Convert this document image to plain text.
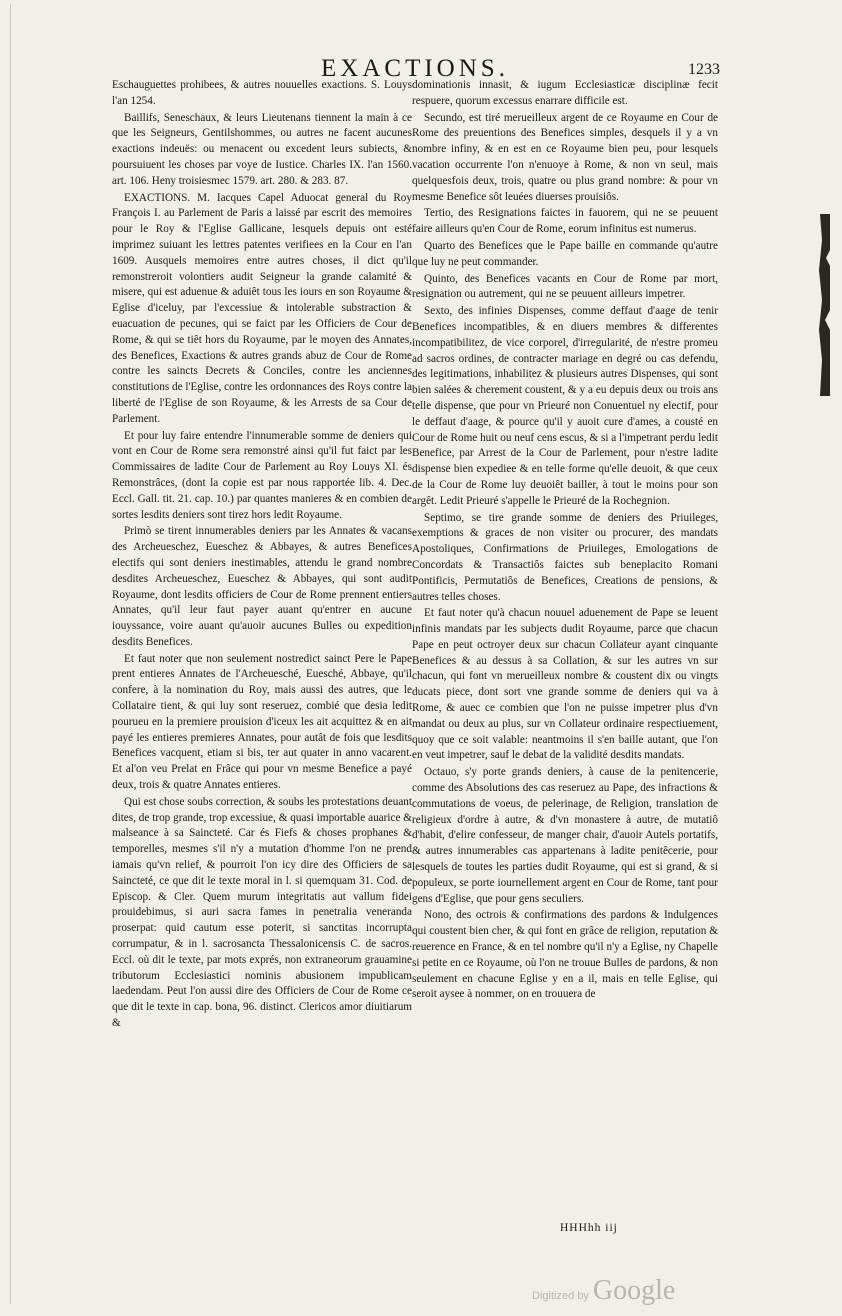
EXACTIONS.	1233

Eschauguettes prohibees, & autres nouuelles exactions. S. Louys l'an 1254.

Baillifs, Seneschaux, & leurs Lieutenans tiennent la main à ce que les Seigneurs, Gentilshommes, ou autres ne facent aucunes exactions indeuës: ou menacent ou excedent leurs subiects, & poursuiuent les choses par voye de Iustice. Charles IX. l'an 1560. art. 106. Heny troisiesmec 1579. art. 280. & 283. 87.

EXACTIONS. M. Iacques Capel Aduocat general du Roy François I. au Parlement de Paris a laissé par escrit des memoires pour le Roy & l'Eglise Gallicane, lesquels depuis ont esté imprimez suiuant les lettres patentes verifiees en la Cour en l'an 1609. Ausquels memoires entre autres choses, il dict qu'il remonstreroit volontiers audit Seigneur la grande calamité & misere, qui est aduenue & aduiêt tous les iours en son Royaume & Eglise d'iceluy, par l'excessiue & intolerable substraction & euacuation de pecunes, qui se faict par les Officiers de Cour de Rome, & qui se tiêt hors du Royaume, par le moyen des Annates, des Benefices, Exactions & autres grands abuz de Cour de Rome contre les saincts Decrets & Conciles, contre les anciennes constitutions de l'Eglise, contre les ordonnances des Roys contre la liberté de l'Eglise de son Royaume, & les Arrests de sa Cour de Parlement.

Et pour luy faire entendre l'innumerable somme de deniers qui vont en Cour de Rome sera remonstré ainsi qu'il fut faict par les Commissaires de ladite Cour de Parlement au Roy Louys XI. és Remonstrâces, (dont la copie est par nous rapportée lib. 4. Dec. Eccl. Gall. tit. 21. cap. 10.) par quantes manieres & en combien de sortes lesdits deniers sont tirez hors ledit Royaume.

Primò se tirent innumerables deniers par les Annates & vacans des Archeueschez, Eueschez & Abbayes, & autres Benefices electifs qui sont deniers inestimables, attendu le grand nombre desdites Archeueschez, Eueschez & Abbayes, qui sont audit Royaume, dont lesdits officiers de Cour de Rome prennent entiers Annates, qu'il leur faut payer auant qu'entrer en aucune iouyssance, voire auant qu'auoir aucunes Bulles ou expedition desdits Benefices.

Et faut noter que non seulement nostredict sainct Pere le Pape prent entieres Annates de l'Archeuesché, Euesché, Abbaye, qu'il confere, à la nomination du Roy, mais aussi des autres, que le Collataire tient, & qui luy sont reseruez, combié que desia ledit pourueu en la premiere prouision d'iceux les ait acquittez & en ait payé les entieres premieres Annates, pour autât de fois que lesdits Benefices vacquent, etiam si bis, ter aut quater in anno vacarent. Et al'on veu Prelat en Frâce qui pour vn mesme Benefice a payé deux, trois & quatre Annates entieres.

Qui est chose soubs correction, & soubs les protestations deuant dites, de trop grande, trop excessiue, & quasi importable auarice & malseance à sa Saincteté. Car és Fiefs & choses prophanes & temporelles, mesmes s'il n'y a mutation d'homme l'on ne prend iamais qu'vn relief, & pourroit l'on icy dire des Officiers de sa Saincteté, ce que dit le texte moral in l. si quemquam 31. Cod. de Episcop. & Cler. Quem murum integritatis aut vallum fidei prouidebimus, si auri sacra fames in penetralia veneranda proserpat: quid cautum esse poterit, si sanctitas incorrupta corrumpatur, & in l. sacrosancta Thessalonicensis C. de sacros. Eccl. où dit le texte, par mots exprés, non extraneorum grauamine tributorum Ecclesiastici nominis abusionem impublicam laedendam. Peut l'on aussi dire des Officiers de Cour de Rome ce que dit le texte in cap. bona, 96. distinct. Clericos amor diuitiarum &

dominationis innasit, & iugum Ecclesiasticæ disciplinæ fecit respuere, quorum excessus enarrare difficile est.

Secundo, est tiré merueilleux argent de ce Royaume en Cour de Rome des preuentions des Benefices simples, desquels il y a vn nombre infiny, & en est en ce Royaume bien peu, pour lesquels vacation occurrente l'on n'enuoye à Rome, & non vn seul, mais quelquesfois deux, trois, quatre ou plus grand nombre: & pour vn mesme Benefice sôt leuées diuerses prouisiôs.

Tertio, des Resignations faictes in fauorem, qui ne se peuuent faire ailleurs qu'en Cour de Rome, eorum infinitus est numerus.

Quarto des Benefices que le Pape baille en commande qu'autre que luy ne peut commander.

Quinto, des Benefices vacants en Cour de Rome par mort, resignation ou autrement, qui ne se peuuent ailleurs impetrer.

Sexto, des infinies Dispenses, comme deffaut d'aage de tenir Benefices incompatibles, & en diuers membres & differentes incompatibilitez, de vice corporel, d'irregularité, de n'estre promeu ad sacros ordines, de contracter mariage en degré ou cas defendu, des legitimations, inhabilitez & plusieurs autres Dispenses, qui sont bien salées & cherement coustent, & y a eu depuis deux ou trois ans telle dispense, que pour vn Prieuré non Conuentuel ny electif, pour le deffaut d'aage, & pource qu'il y auoit cure d'ames, a cousté en Cour de Rome huit ou neuf cens escus, & si a l'impetrant perdu ledit Benefice, par Arrest de la Cour de Parlement, pour n'estre ladite dispense bien expediee & en telle forme qu'elle deuoit, & que ceux de la Cour de Rome luy deuoiêt bailler, à tout le moins pour son argêt. Ledit Prieuré s'appelle le Prieuré de la Rochegnion.

Septimo, se tire grande somme de deniers des Priuileges, exemptions & graces de non visiter ou procurer, des mandats Apostoliques, Confirmations de Priuileges, Emologations de Concordats & Transactiôs faictes sub beneplacito Romani Pontificis, Permutatiôs de Benefices, Creations de pensions, & autres telles choses.

Et faut noter qu'à chacun nouuel aduenement de Pape se leuent infinis mandats par les subjects dudit Royaume, parce que chacun Pape en peut octroyer deux sur chacun Collateur ayant cinquante Benefices & au dessus à sa Collation, & sur les autres vn sur chacun, qui font vn merueilleux nombre & coustent dix ou vingts ducats piece, dont sort vne grande somme de deniers qui va à Rome, & auec ce combien que l'on ne puisse impetrer plus d'vn mandat ou deux au plus, sur vn Collateur ordinaire respectiuement, quoy que ce soit valable: neantmoins il s'en baille autant, que l'on en veut impetrer, sauf le debat de la validité desdits mandats.

Octauo, s'y porte grands deniers, à cause de la penitencerie, comme des Absolutions des cas reseruez au Pape, des infractions & commutations de voeus, de pelerinage, de Religion, translation de religieux d'ordre à autre, & d'vn monastere à autre, de mutatiô d'habit, d'elire confesseur, de manger chair, d'auoir Autels portatifs, & autres innumerables cas appartenans à ladite penitêcerie, pour lesquels de toutes les parties dudit Royaume, qui est si grand, & si populeux, se porte iournellement argent en Cour de Rome, tant pour gens d'Eglise, que pour gens seculiers.

Nono, des octrois & confirmations des pardons & Indulgences qui coustent bien cher, & qui font en grâce de religion, reputation & reuerence en France, & en tel nombre qu'il n'y a Eglise, ny Chapelle si petite en ce Royaume, où l'on ne trouue Bulles de pardons, & non seulement en chacune Eglise y en a il, mais en telle Eglise, qui seroit aysee à nommer, on en trouuera de

HHHhh iij
Digitized by Google
